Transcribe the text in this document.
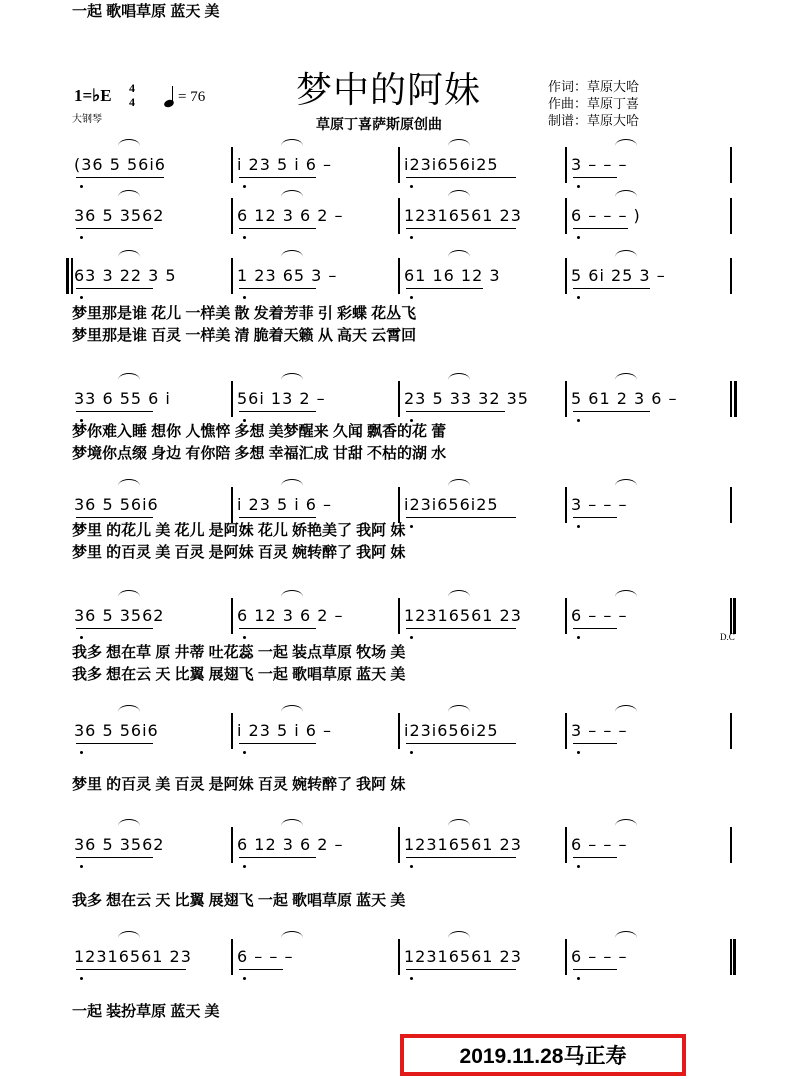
梦中的阿妹
1=♭E 4
4	= 76
大钢琴	草原丁喜萨斯原创曲
作词：草原大哈
作曲：草原丁喜
制谱：草原大哈
(36 5 56i6	i 23 5 i 6 –	i23i656i25	3 – – –
36 5 3562	6 12 3 6 2 –	12316561 23	6 – – – )
63 3 22 3 5	1 23 65 3 –	61 16 12 3	5 6i 25 3 –
梦里那是谁 花儿 一样美 散 发着芳菲 引 彩蝶 花丛飞
梦里那是谁 百灵 一样美 清 脆着天籁 从 高天 云霄回
33 6 55 6 i	56i 13 2 –	23 5 33 32 35	5 61 2 3 6 –
梦你难入睡 想你 人憔悴 多想 美梦醒来 久闻 飘香的花 蕾
梦境你点缀 身边 有你陪 多想 幸福汇成 甘甜 不枯的湖 水
36 5 56i6	i 23 5 i 6 –	i23i656i25	3 – – –
梦里 的花儿 美 花儿 是阿妹 花儿 娇艳美了 我阿 妹
梦里 的百灵 美 百灵 是阿妹 百灵 婉转醉了 我阿 妹
36 5 3562	6 12 3 6 2 –	12316561 23	6 – – –
我多 想在草 原 井蒂 吐花蕊 一起 装点草原 牧场 美
我多 想在云 天 比翼 展翅飞 一起 歌唱草原 蓝天 美
36 5 56i6	i 23 5 i 6 –	i23i656i25	3 – – –
梦里 的百灵 美 百灵 是阿妹 百灵 婉转醉了 我阿 妹
36 5 3562	6 12 3 6 2 –	12316561 23	6 – – –
我多 想在云 天 比翼 展翅飞 一起 歌唱草原 蓝天 美
12316561 23	6 – – –	12316561 23	6 – – –
一起 装扮草原 蓝天 美
一起 歌唱草原 蓝天 美
D.C
2019.11.28马正寿
